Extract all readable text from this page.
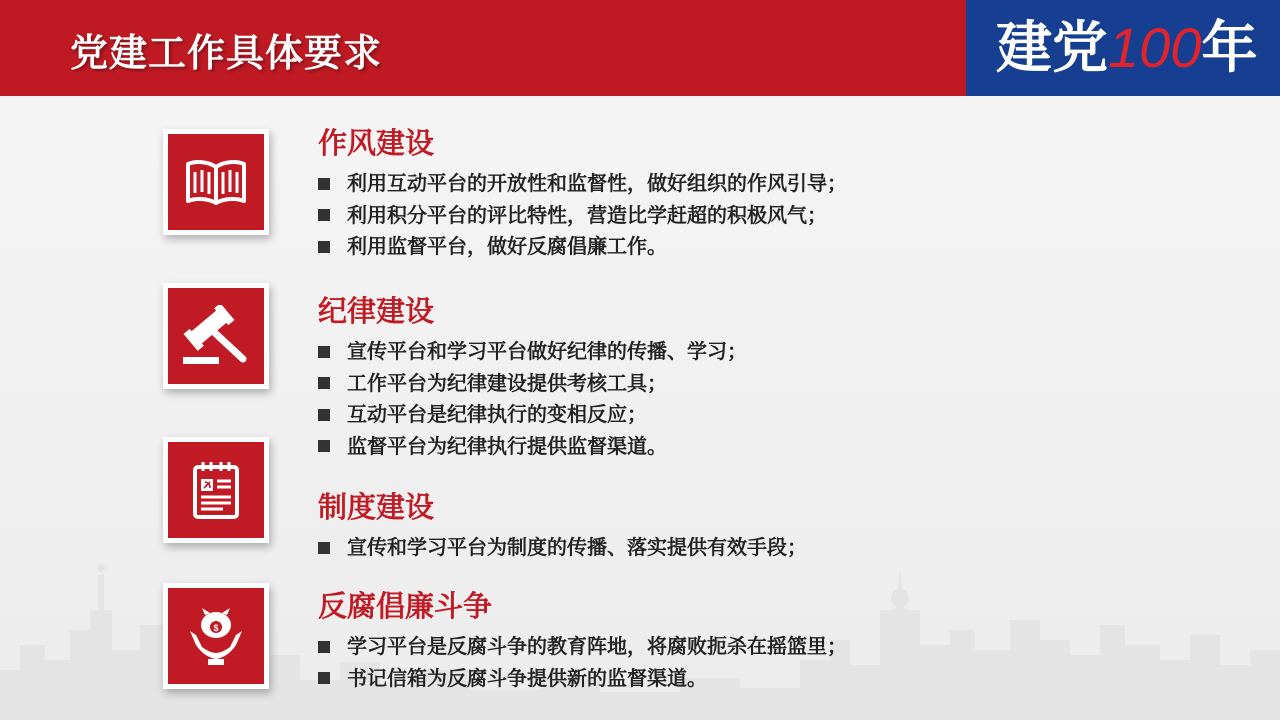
党建工作具体要求	建党100年
作风建设
利用互动平台的开放性和监督性，做好组织的作风引导；
利用积分平台的评比特性，营造比学赶超的积极风气；
利用监督平台，做好反腐倡廉工作。
纪律建设
宣传平台和学习平台做好纪律的传播、学习；
工作平台为纪律建设提供考核工具；
互动平台是纪律执行的变相反应；
监督平台为纪律执行提供监督渠道。
制度建设
宣传和学习平台为制度的传播、落实提供有效手段；
$
反腐倡廉斗争
学习平台是反腐斗争的教育阵地，将腐败扼杀在摇篮里；
书记信箱为反腐斗争提供新的监督渠道。
